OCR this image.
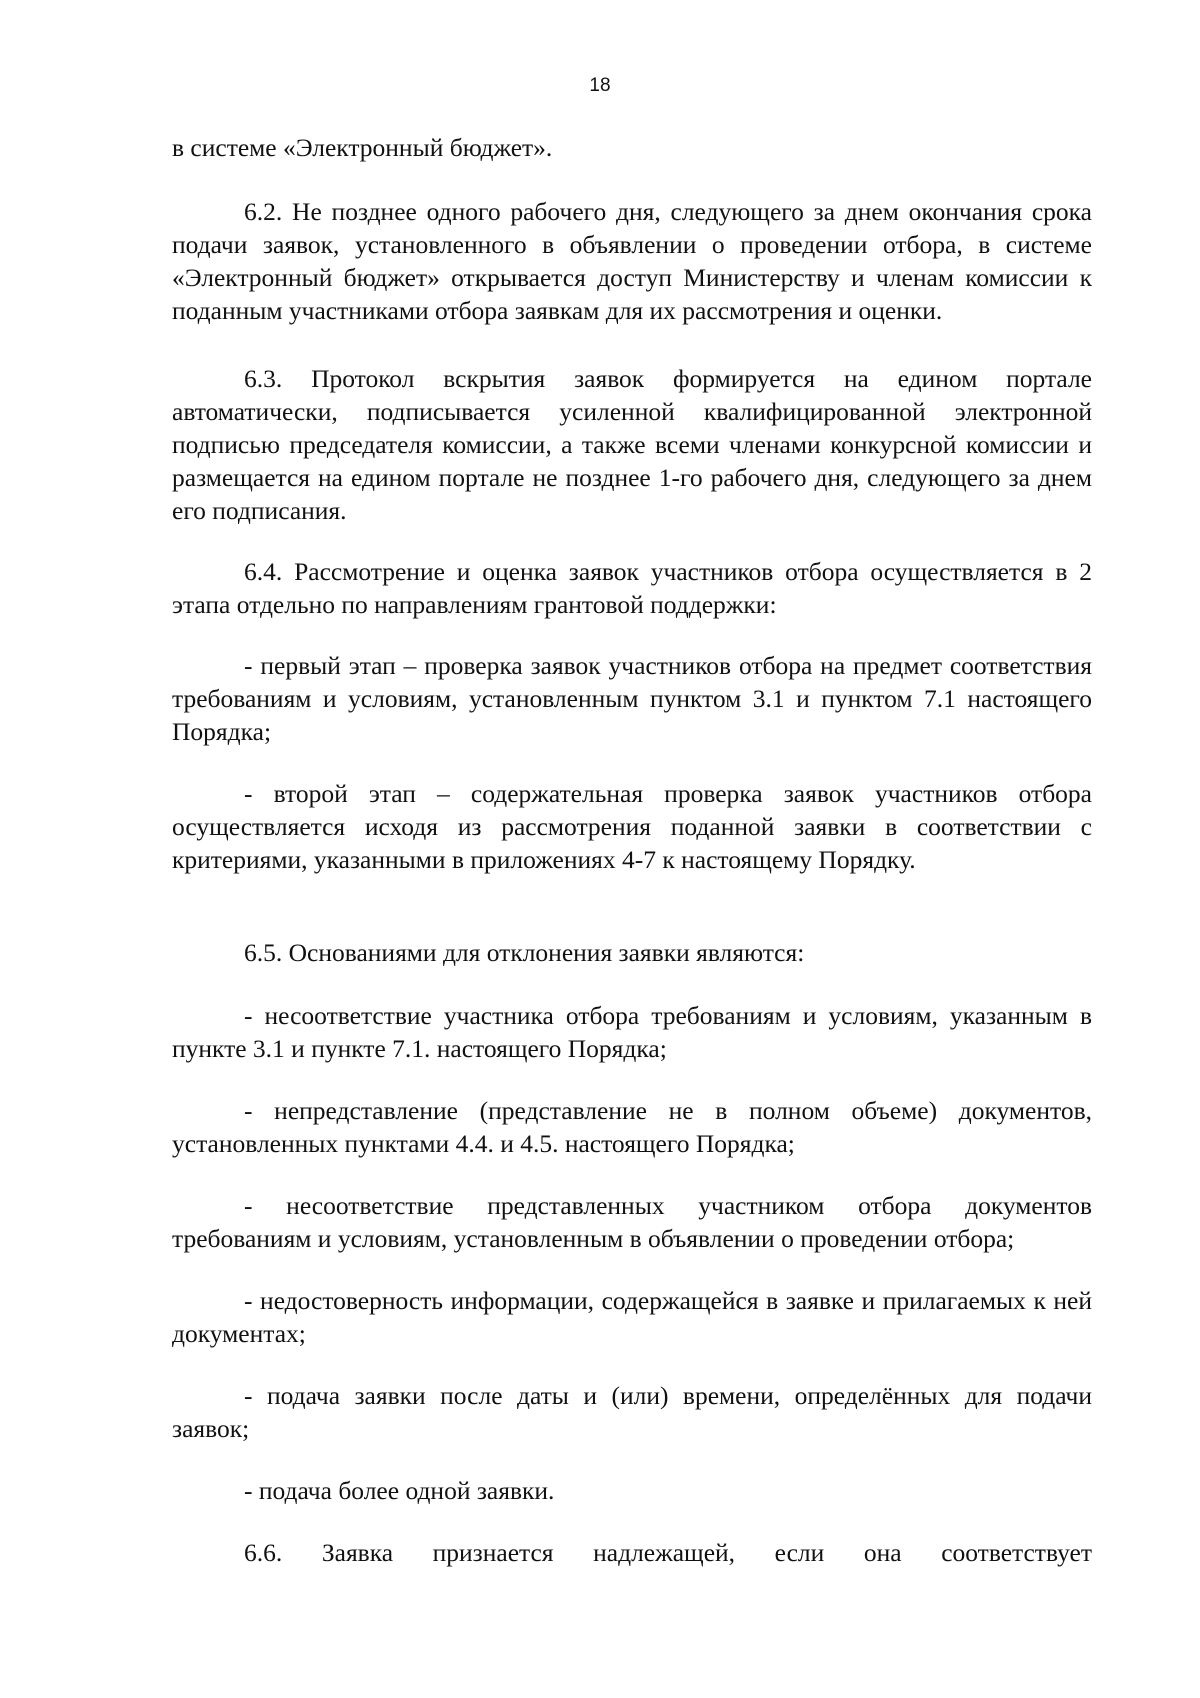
18

в системе «Электронный бюджет».

6.2. Не позднее одного рабочего дня, следующего за днем окончания срока подачи заявок, установленного в объявлении о проведении отбора, в системе «Электронный бюджет» открывается доступ Министерству и членам комиссии к поданным участниками отбора заявкам для их рассмотрения и оценки.

6.3. Протокол вскрытия заявок формируется на едином портале автоматически, подписывается усиленной квалифицированной электронной подписью председателя комиссии, а также всеми членами конкурсной комиссии и размещается на едином портале не позднее 1-го рабочего дня, следующего за днем его подписания.

6.4. Рассмотрение и оценка заявок участников отбора осуществляется в 2 этапа отдельно по направлениям грантовой поддержки:

- первый этап – проверка заявок участников отбора на предмет соответствия требованиям и условиям, установленным пунктом 3.1 и пунктом 7.1 настоящего Порядка;

- второй этап – содержательная проверка заявок участников отбора осуществляется исходя из рассмотрения поданной заявки в соответствии с критериями, указанными в приложениях 4-7 к настоящему Порядку.

6.5. Основаниями для отклонения заявки являются:

- несоответствие участника отбора требованиям и условиям, указанным в пункте 3.1 и пункте 7.1. настоящего Порядка;

- непредставление (представление не в полном объеме) документов, установленных пунктами 4.4. и 4.5. настоящего Порядка;

- несоответствие представленных участником отбора документов требованиям и условиям, установленным в объявлении о проведении отбора;

- недостоверность информации, содержащейся в заявке и прилагаемых к ней документах;

- подача заявки после даты и (или) времени, определённых для подачи заявок;

- подача более одной заявки.

6.6. Заявка признается надлежащей, если она соответствует
